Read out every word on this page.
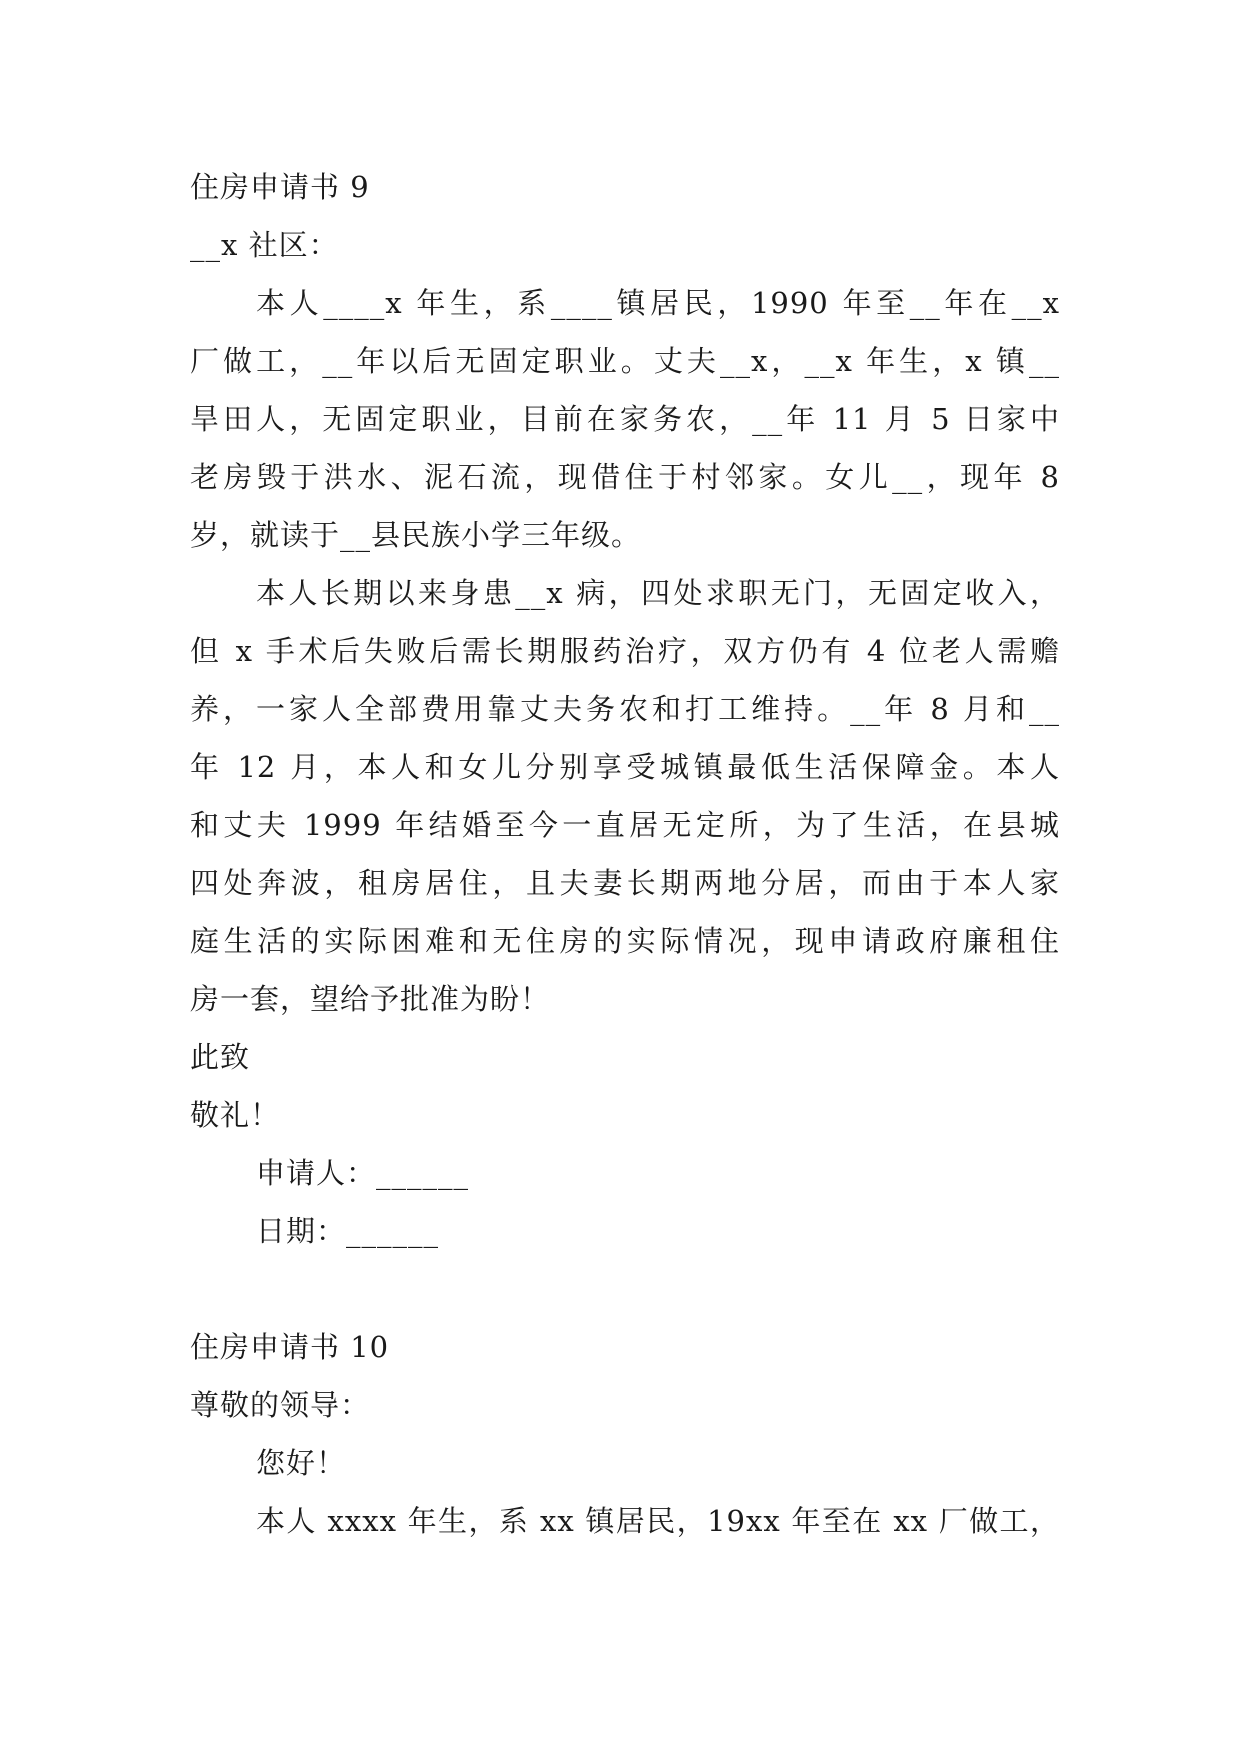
住房申请书 9
__x 社区：
本人____x 年生，系____镇居民，1990 年至__年在__x
厂做工，__年以后无固定职业。丈夫__x，__x 年生，x 镇__
旱田人，无固定职业，目前在家务农，__年 11 月 5 日家中
老房毁于洪水、泥石流，现借住于村邻家。女儿__，现年 8
岁，就读于__县民族小学三年级。
本人长期以来身患__x 病，四处求职无门，无固定收入，
但 x 手术后失败后需长期服药治疗，双方仍有 4 位老人需赡
养，一家人全部费用靠丈夫务农和打工维持。__年 8 月和__
年 12 月，本人和女儿分别享受城镇最低生活保障金。本人
和丈夫 1999 年结婚至今一直居无定所，为了生活，在县城
四处奔波，租房居住，且夫妻长期两地分居，而由于本人家
庭生活的实际困难和无住房的实际情况，现申请政府廉租住
房一套，望给予批准为盼！
此致
敬礼！
申请人：______
日期：______
住房申请书 10
尊敬的领导：
您好！
本人 xxxx 年生，系 xx 镇居民，19xx 年至在 xx 厂做工，
